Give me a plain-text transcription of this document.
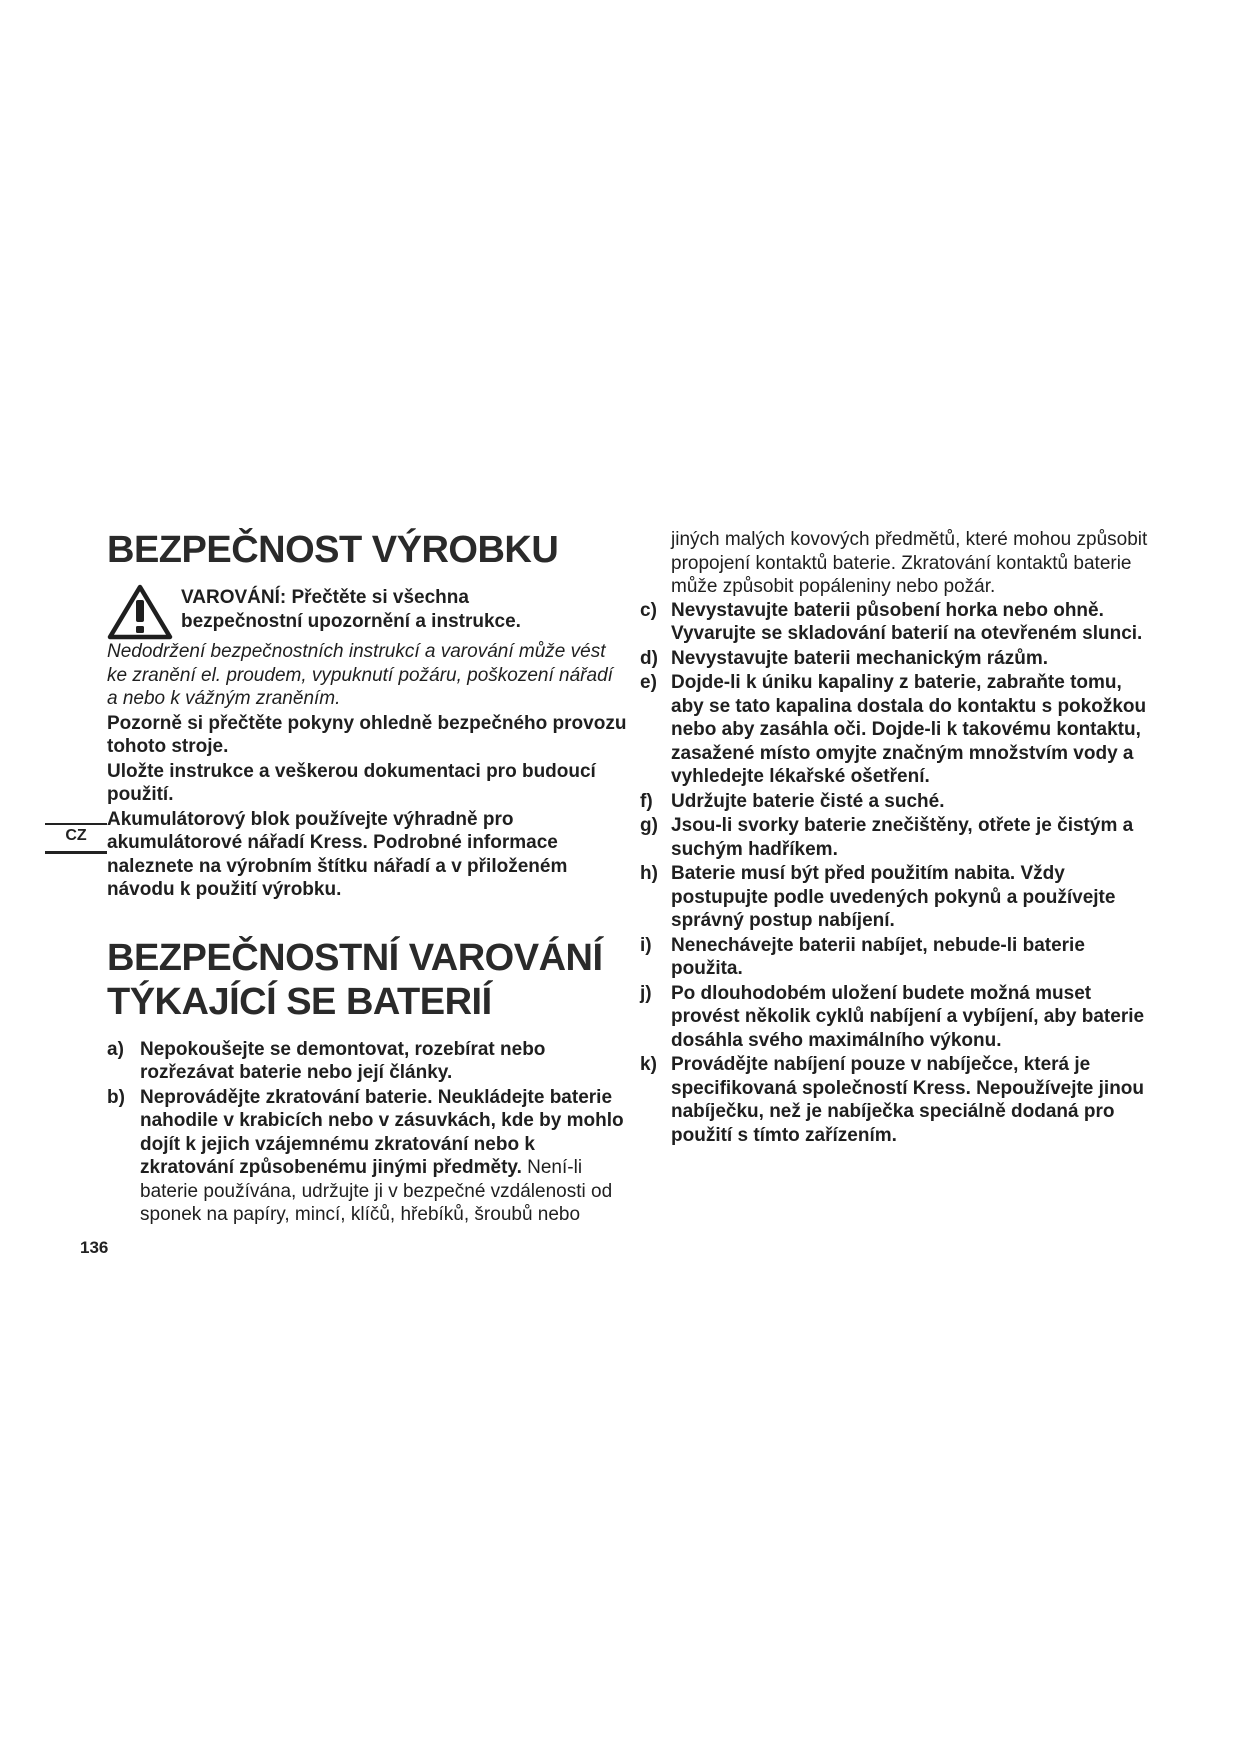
CZ
BEZPEČNOST VÝROBKU

VAROVÁNÍ: Přečtěte si všechna

bezpečnostní upozornění a instrukce.

Nedodržení bezpečnostních instrukcí a varování může vést ke zranění el. proudem, vypuknutí požáru, poškození nářadí a nebo k vážným zraněním.

Pozorně si přečtěte pokyny ohledně bezpečného provozu tohoto stroje.

Uložte instrukce a veškerou dokumentaci pro budoucí použití.

Akumulátorový blok používejte výhradně pro akumulátorové nářadí Kress. Podrobné informace naleznete na výrobním štítku nářadí a v přiloženém návodu k použití výrobku.

BEZPEČNOSTNÍ VAROVÁNÍ
TÝKAJÍCÍ SE BATERIÍ
a) Nepokoušejte se demontovat, rozebírat nebo rozřezávat baterie nebo její články.
b) Neprovádějte zkratování baterie. Neukládejte baterie nahodile v krabicích nebo v zásuvkách, kde by mohlo dojít k jejich vzájemnému zkratování nebo k zkratování způsobenému jinými předměty. Není-li baterie používána, udržujte ji v bezpečné vzdálenosti od sponek na papíry, mincí, klíčů, hřebíků, šroubů nebo

jiných malých kovových předmětů, které mohou způsobit propojení kontaktů baterie. Zkratování kontaktů baterie může způsobit popáleniny nebo požár.

c) Nevystavujte baterii působení horka nebo ohně. Vyvarujte se skladování baterií na otevřeném slunci.
d) Nevystavujte baterii mechanickým rázům.
e) Dojde-li k úniku kapaliny z baterie, zabraňte tomu, aby se tato kapalina dostala do kontaktu s pokožkou nebo aby zasáhla oči. Dojde-li k takovému kontaktu, zasažené místo omyjte značným množstvím vody a vyhledejte lékařské ošetření.
f) Udržujte baterie čisté a suché.
g) Jsou-li svorky baterie znečištěny, otřete je čistým a suchým hadříkem.
h) Baterie musí být před použitím nabita. Vždy postupujte podle uvedených pokynů a používejte správný postup nabíjení.
i)	Nenechávejte baterii nabíjet, nebude-li baterie použita.
j)	Po dlouhodobém uložení budete možná muset provést několik cyklů nabíjení a vybíjení, aby baterie dosáhla svého maximálního výkonu.
k) Provádějte nabíjení pouze v nabíječce, která je specifikovaná společností Kress. Nepoužívejte jinou nabíječku, než je nabíječka speciálně dodaná pro použití s tímto zařízením.
136
